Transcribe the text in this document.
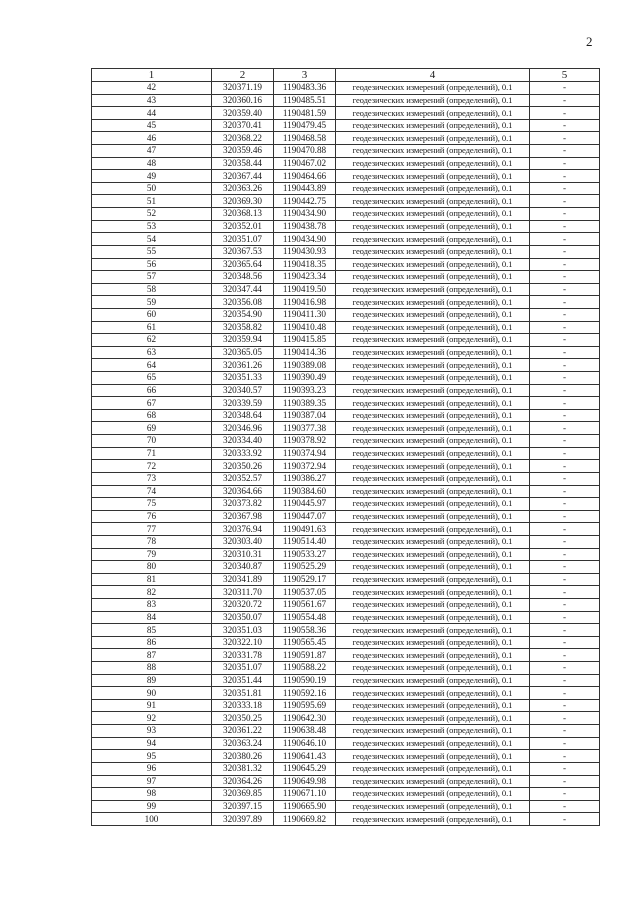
2
1	2	3	4	5
42	320371.19	1190483.36	геодезических измерений (определений), 0.1	-
43	320360.16	1190485.51	геодезических измерений (определений), 0.1	-
44	320359.40	1190481.59	геодезических измерений (определений), 0.1	-
45	320370.41	1190479.45	геодезических измерений (определений), 0.1	-
46	320368.22	1190468.58	геодезических измерений (определений), 0.1	-
47	320359.46	1190470.88	геодезических измерений (определений), 0.1	-
48	320358.44	1190467.02	геодезических измерений (определений), 0.1	-
49	320367.44	1190464.66	геодезических измерений (определений), 0.1	-
50	320363.26	1190443.89	геодезических измерений (определений), 0.1	-
51	320369.30	1190442.75	геодезических измерений (определений), 0.1	-
52	320368.13	1190434.90	геодезических измерений (определений), 0.1	-
53	320352.01	1190438.78	геодезических измерений (определений), 0.1	-
54	320351.07	1190434.90	геодезических измерений (определений), 0.1	-
55	320367.53	1190430.93	геодезических измерений (определений), 0.1	-
56	320365.64	1190418.35	геодезических измерений (определений), 0.1	-
57	320348.56	1190423.34	геодезических измерений (определений), 0.1	-
58	320347.44	1190419.50	геодезических измерений (определений), 0.1	-
59	320356.08	1190416.98	геодезических измерений (определений), 0.1	-
60	320354.90	1190411.30	геодезических измерений (определений), 0.1	-
61	320358.82	1190410.48	геодезических измерений (определений), 0.1	-
62	320359.94	1190415.85	геодезических измерений (определений), 0.1	-
63	320365.05	1190414.36	геодезических измерений (определений), 0.1	-
64	320361.26	1190389.08	геодезических измерений (определений), 0.1	-
65	320351.33	1190390.49	геодезических измерений (определений), 0.1	-
66	320340.57	1190393.23	геодезических измерений (определений), 0.1	-
67	320339.59	1190389.35	геодезических измерений (определений), 0.1	-
68	320348.64	1190387.04	геодезических измерений (определений), 0.1	-
69	320346.96	1190377.38	геодезических измерений (определений), 0.1	-
70	320334.40	1190378.92	геодезических измерений (определений), 0.1	-
71	320333.92	1190374.94	геодезических измерений (определений), 0.1	-
72	320350.26	1190372.94	геодезических измерений (определений), 0.1	-
73	320352.57	1190386.27	геодезических измерений (определений), 0.1	-
74	320364.66	1190384.60	геодезических измерений (определений), 0.1	-
75	320373.82	1190445.97	геодезических измерений (определений), 0.1	-
76	320367.98	1190447.07	геодезических измерений (определений), 0.1	-
77	320376.94	1190491.63	геодезических измерений (определений), 0.1	-
78	320303.40	1190514.40	геодезических измерений (определений), 0.1	-
79	320310.31	1190533.27	геодезических измерений (определений), 0.1	-
80	320340.87	1190525.29	геодезических измерений (определений), 0.1	-
81	320341.89	1190529.17	геодезических измерений (определений), 0.1	-
82	320311.70	1190537.05	геодезических измерений (определений), 0.1	-
83	320320.72	1190561.67	геодезических измерений (определений), 0.1	-
84	320350.07	1190554.48	геодезических измерений (определений), 0.1	-
85	320351.03	1190558.36	геодезических измерений (определений), 0.1	-
86	320322.10	1190565.45	геодезических измерений (определений), 0.1	-
87	320331.78	1190591.87	геодезических измерений (определений), 0.1	-
88	320351.07	1190588.22	геодезических измерений (определений), 0.1	-
89	320351.44	1190590.19	геодезических измерений (определений), 0.1	-
90	320351.81	1190592.16	геодезических измерений (определений), 0.1	-
91	320333.18	1190595.69	геодезических измерений (определений), 0.1	-
92	320350.25	1190642.30	геодезических измерений (определений), 0.1	-
93	320361.22	1190638.48	геодезических измерений (определений), 0.1	-
94	320363.24	1190646.10	геодезических измерений (определений), 0.1	-
95	320380.26	1190641.43	геодезических измерений (определений), 0.1	-
96	320381.32	1190645.29	геодезических измерений (определений), 0.1	-
97	320364.26	1190649.98	геодезических измерений (определений), 0.1	-
98	320369.85	1190671.10	геодезических измерений (определений), 0.1	-
99	320397.15	1190665.90	геодезических измерений (определений), 0.1	-
100	320397.89	1190669.82	геодезических измерений (определений), 0.1	-
